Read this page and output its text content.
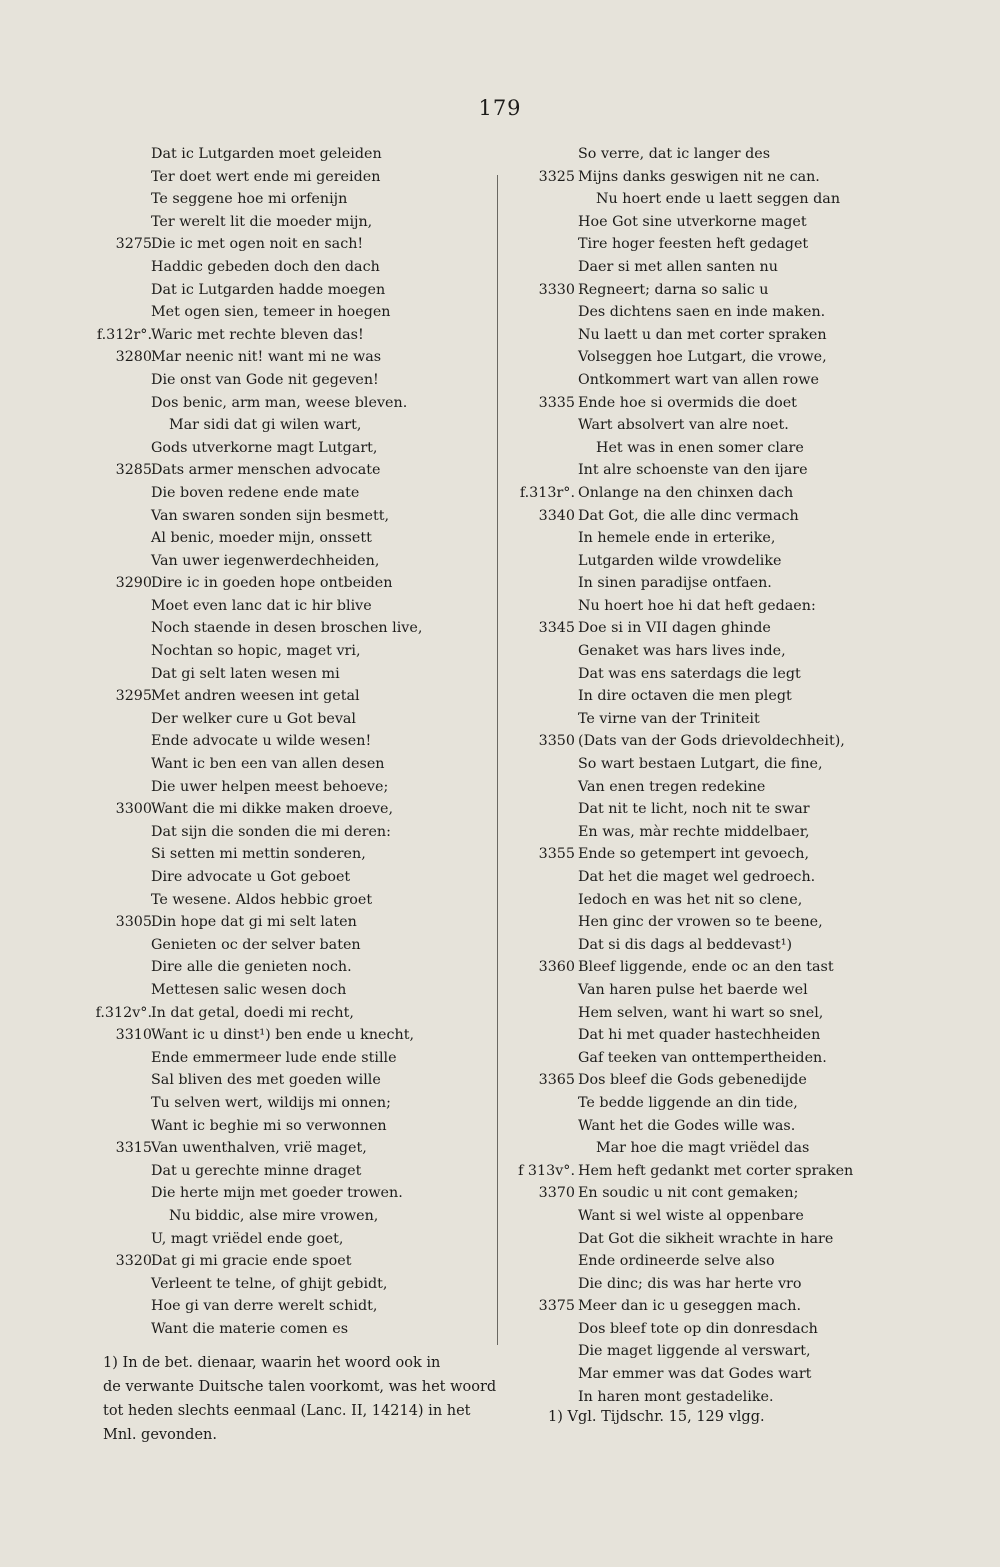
179
Dat ic Lutgarden moet geleiden
Ter doet wert ende mi gereiden
Te seggene hoe mi orfenijn
Ter werelt lit die moeder mijn,
3275 Die ic met ogen noit en sach!
Haddic gebeden doch den dach
Dat ic Lutgarden hadde moegen
Met ogen sien, temeer in hoegen
f.312r°. Waric met rechte bleven das!
3280 Mar neenic nit! want mi ne was
Die onst van Gode nit gegeven!
Dos benic, arm man, weese bleven.
Mar sidi dat gi wilen wart,
Gods utverkorne magt Lutgart,
3285 Dats armer menschen advocate
Die boven redene ende mate
Van swaren sonden sijn besmett,
Al benic, moeder mijn, onssett
Van uwer iegenwerdechheiden,
3290 Dire ic in goeden hope ontbeiden
Moet even lanc dat ic hir blive
Noch staende in desen broschen live,
Nochtan so hopic, maget vri,
Dat gi selt laten wesen mi
3295 Met andren weesen int getal
Der welker cure u Got beval
Ende advocate u wilde wesen!
Want ic ben een van allen desen
Die uwer helpen meest behoeve;
3300 Want die mi dikke maken droeve,
Dat sijn die sonden die mi deren:
Si setten mi mettin sonderen,
Dire advocate u Got geboet
Te wesene. Aldos hebbic groet
3305 Din hope dat gi mi selt laten
Genieten oc der selver baten
Dire alle die genieten noch.
Mettesen salic wesen doch
f.312v°. In dat getal, doedi mi recht,
3310 Want ic u dinst¹) ben ende u knecht,
Ende emmermeer lude ende stille
Sal bliven des met goeden wille
Tu selven wert, wildijs mi onnen;
Want ic beghie mi so verwonnen
3315 Van uwenthalven, vrië maget,
Dat u gerechte minne draget
Die herte mijn met goeder trowen.
Nu biddic, alse mire vrowen,
U, magt vriëdel ende goet,
3320 Dat gi mi gracie ende spoet
Verleent te telne, of ghijt gebidt,
Hoe gi van derre werelt schidt,
Want die materie comen es
So verre, dat ic langer des
3325 Mijns danks geswigen nit ne can.
Nu hoert ende u laett seggen dan
Hoe Got sine utverkorne maget
Tire hoger feesten heft gedaget
Daer si met allen santen nu
3330 Regneert; darna so salic u
Des dichtens saen en inde maken.
Nu laett u dan met corter spraken
Volseggen hoe Lutgart, die vrowe,
Ontkommert wart van allen rowe
3335 Ende hoe si overmids die doet
Wart absolvert van alre noet.
Het was in enen somer clare
Int alre schoenste van den ijare
f.313r°. Onlange na den chinxen dach
3340 Dat Got, die alle dinc vermach
In hemele ende in erterike,
Lutgarden wilde vrowdelike
In sinen paradijse ontfaen.
Nu hoert hoe hi dat heft gedaen:
3345 Doe si in VII dagen ghinde
Genaket was hars lives inde,
Dat was ens saterdags die legt
In dire octaven die men plegt
Te virne van der Triniteit
3350 (Dats van der Gods drievoldechheit),
So wart bestaen Lutgart, die fine,
Van enen tregen redekine
Dat nit te licht, noch nit te swar
En was, màr rechte middelbaer,
3355 Ende so getempert int gevoech,
Dat het die maget wel gedroech.
Iedoch en was het nit so clene,
Hen ginc der vrowen so te beene,
Dat si dis dags al beddevast¹)
3360 Bleef liggende, ende oc an den tast
Van haren pulse het baerde wel
Hem selven, want hi wart so snel,
Dat hi met quader hastechheiden
Gaf teeken van onttempertheiden.
3365 Dos bleef die Gods gebenedijde
Te bedde liggende an din tide,
Want het die Godes wille was.
Mar hoe die magt vriëdel das
f 313v°. Hem heft gedankt met corter spraken
3370 En soudic u nit cont gemaken;
Want si wel wiste al oppenbare
Dat Got die sikheit wrachte in hare
Ende ordineerde selve also
Die dinc; dis was har herte vro
3375 Meer dan ic u geseggen mach.
Dos bleef tote op din donresdach
Die maget liggende al verswart,
Mar emmer was dat Godes wart
In haren mont gestadelike.
1) In de bet. dienaar, waarin het woord ook in
de verwante Duitsche talen voorkomt, was het woord
tot heden slechts eenmaal (Lanc. II, 14214) in het
Mnl. gevonden.
1) Vgl. Tijdschr. 15, 129 vlgg.
